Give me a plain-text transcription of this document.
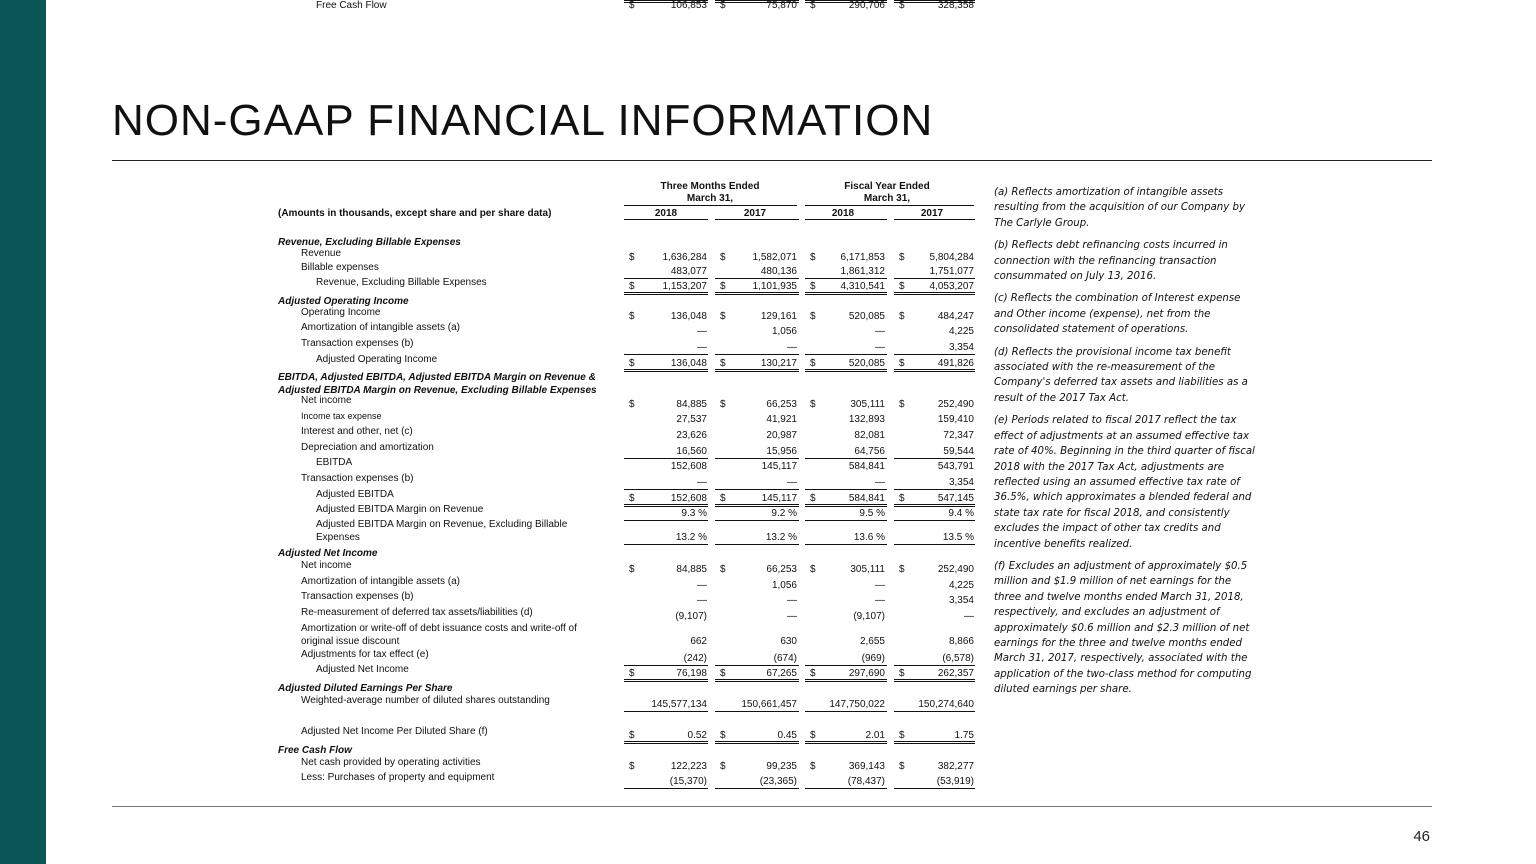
NON-GAAP FINANCIAL INFORMATION
Three Months Ended
March 31,
Fiscal Year Ended
March 31,
(Amounts in thousands, except share and per share data)	2018	2017	2018	2017
Revenue, Excluding Billable Expenses
Revenue	$	1,636,284 $	1,582,071 $	6,171,853 $	5,804,284
Billable expenses	483,077	480,136	1,861,312	1,751,077
Revenue, Excluding Billable Expenses	$	1,153,207 $	1,101,935 $	4,310,541 $	4,053,207
Adjusted Operating Income
Operating Income	$	136,048 $	129,161 $	520,085 $	484,247
Amortization of intangible assets (a)	—	1,056	—	4,225
Transaction expenses (b)	—	—	—	3,354
Adjusted Operating Income	$	136,048 $	130,217 $	520,085 $	491,826
EBITDA, Adjusted EBITDA, Adjusted EBITDA Margin on Revenue &
Adjusted EBITDA Margin on Revenue, Excluding Billable Expenses
Net income	$	84,885 $	66,253 $	305,111 $	252,490
Income tax expense	27,537	41,921	132,893	159,410
Interest and other, net (c)	23,626	20,987	82,081	72,347
Depreciation and amortization	16,560	15,956	64,756	59,544
EBITDA	152,608	145,117	584,841	543,791
Transaction expenses (b)	—	—	—	3,354
Adjusted EBITDA	$	152,608 $	145,117 $	584,841 $	547,145
Adjusted EBITDA Margin on Revenue	9.3 %	9.2 %	9.5 %	9.4 %
Adjusted EBITDA Margin on Revenue, Excluding Billable
Expenses	13.2 %	13.2 %	13.6 %	13.5 %
Adjusted Net Income
Net income	$	84,885 $	66,253 $	305,111 $	252,490
Amortization of intangible assets (a)	—	1,056	—	4,225
Transaction expenses (b)	—	—	—	3,354
Re-measurement of deferred tax assets/liabilities (d)	(9,107)	—	(9,107)	—
Amortization or write-off of debt issuance costs and write-off of
original issue discount	662	630	2,655	8,866
Adjustments for tax effect (e)	(242)	(674)	(969)	(6,578)
Adjusted Net Income	$	76,198 $	67,265 $	297,690 $	262,357
Adjusted Diluted Earnings Per Share
Weighted-average number of diluted shares outstanding	145,577,134	150,661,457	147,750,022	150,274,640
Adjusted Net Income Per Diluted Share (f)	$	0.52 $	0.45 $	2.01 $	1.75
Free Cash Flow
Net cash provided by operating activities	$	122,223 $	99,235 $	369,143 $	382,277
Less: Purchases of property and equipment	(15,370)	(23,365)	(78,437)	(53,919)
Free Cash Flow	$	106,853 $	75,870 $	290,706 $	328,358
(a) Reflects amortization of intangible assets resulting from the acquisition of our Company by The Carlyle Group.
(b) Reflects debt refinancing costs incurred in connection with the refinancing transaction consummated on July 13, 2016.
(c) Reflects the combination of Interest expense and Other income (expense), net from the consolidated statement of operations.
(d) Reflects the provisional income tax benefit associated with the re-measurement of the Company's deferred tax assets and liabilities as a result of the 2017 Tax Act.
(e) Periods related to fiscal 2017 reflect the tax effect of adjustments at an assumed effective tax rate of 40%. Beginning in the third quarter of fiscal 2018 with the 2017 Tax Act, adjustments are reflected using an assumed effective tax rate of 36.5%, which approximates a blended federal and state tax rate for fiscal 2018, and consistently excludes the impact of other tax credits and incentive benefits realized.
(f) Excludes an adjustment of approximately $0.5 million and $1.9 million of net earnings for the three and twelve months ended March 31, 2018, respectively, and excludes an adjustment of approximately $0.6 million and $2.3 million of net earnings for the three and twelve months ended March 31, 2017, respectively, associated with the application of the two-class method for computing diluted earnings per share.
46
